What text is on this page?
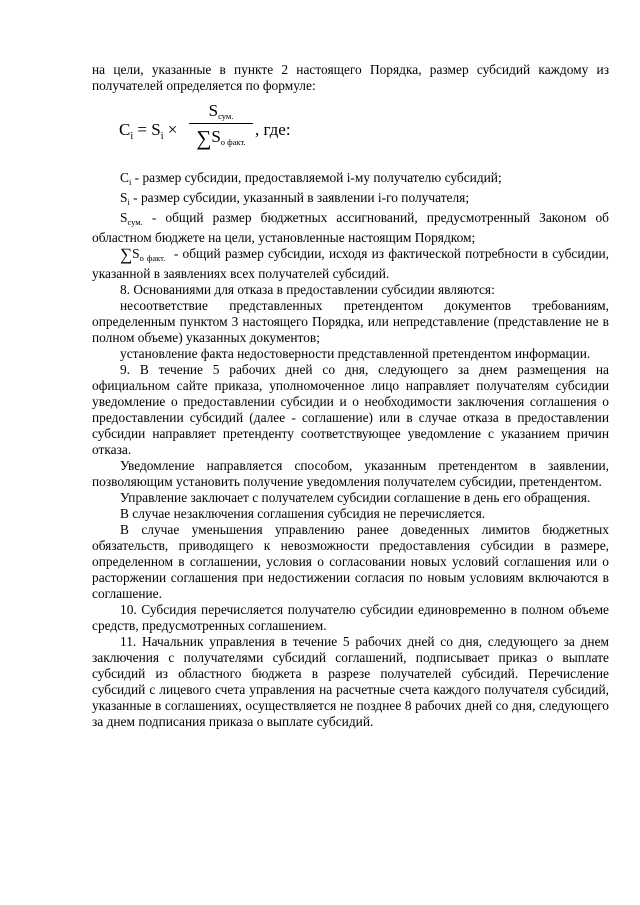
на цели, указанные в пункте 2 настоящего Порядка, размер субсидий каждому из получателей определяется по формуле:

$C_i = S_i$ ×
$S_{сум.}$
$\sum S_{о факт.}$
, где:

$C_i$ - размер субсидии, предоставляемой i-му получателю субсидий;

$S_i$ - размер субсидии, указанный в заявлении i-го получателя;

$S_{сум.}$ - общий размер бюджетных ассигнований, предусмотренный Законом об областном бюджете на цели, установленные настоящим Порядком;

$\sum S_{о факт.}$  - общий размер субсидии, исходя из фактической потребности в субсидии, указанной в заявлениях всех получателей субсидий.

8. Основаниями для отказа в предоставлении субсидии являются:

несоответствие представленных претендентом документов требованиям, определенным пунктом 3 настоящего Порядка, или непредставление (представление не в полном объеме) указанных документов;

установление факта недостоверности представленной претендентом информации.

9. В течение 5 рабочих дней со дня, следующего за днем размещения на официальном сайте приказа, уполномоченное лицо направляет получателям субсидии уведомление о предоставлении субсидии и о необходимости заключения соглашения о предоставлении субсидий (далее - соглашение) или в случае отказа в предоставлении субсидии направляет претенденту соответствующее уведомление с указанием причин отказа.

Уведомление направляется способом, указанным претендентом в заявлении, позволяющим установить получение уведомления получателем субсидии, претендентом.

Управление заключает с получателем субсидии соглашение в день его обращения.

В случае незаключения соглашения субсидия не перечисляется.

В случае уменьшения управлению ранее доведенных лимитов бюджетных обязательств, приводящего к невозможности предоставления субсидии в размере, определенном в соглашении, условия о согласовании новых условий соглашения или о расторжении соглашения при недостижении согласия по новым условиям включаются в соглашение.

10. Субсидия перечисляется получателю субсидии единовременно в полном объеме средств, предусмотренных соглашением.

11. Начальник управления в течение 5 рабочих дней со дня, следующего за днем заключения с получателями субсидий соглашений, подписывает приказ о выплате субсидий из областного бюджета в разрезе получателей субсидий. Перечисление субсидий с лицевого счета управления на расчетные счета каждого получателя субсидий, указанные в соглашениях, осуществляется не позднее 8 рабочих дней со дня, следующего за днем подписания приказа о выплате субсидий.
